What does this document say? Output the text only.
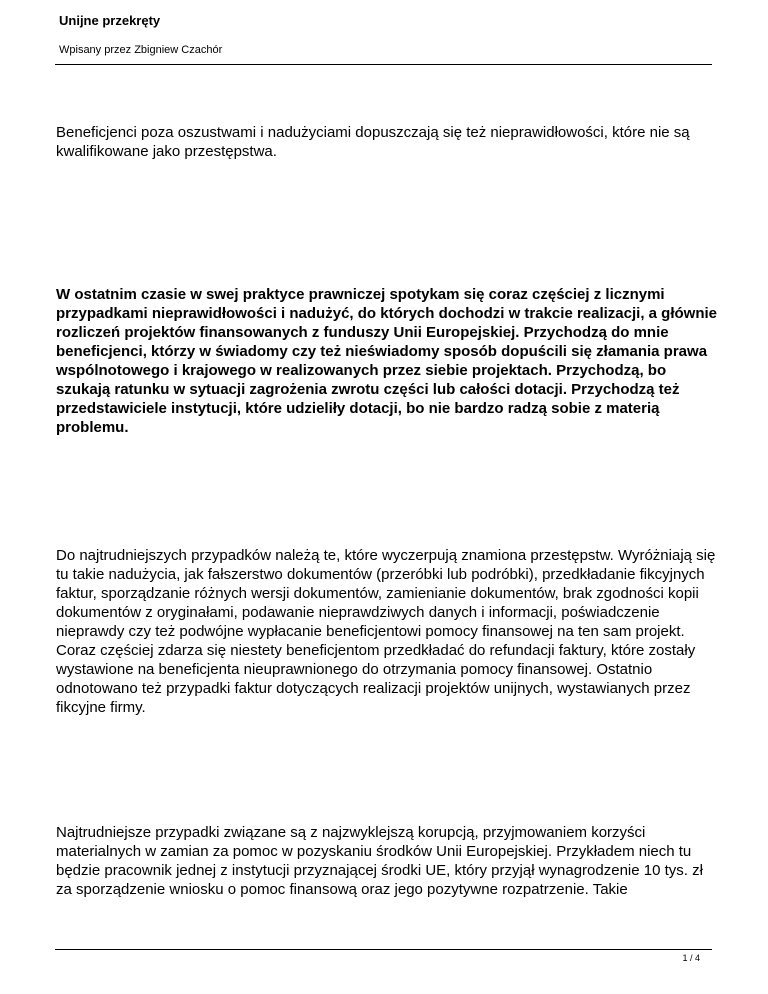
Unijne przekręty

Wpisany przez Zbigniew Czachór

Beneficjenci poza oszustwami i nadużyciami dopuszczają się też nieprawidłowości, które nie są kwalifikowane jako przestępstwa.

W ostatnim czasie w swej praktyce prawniczej spotykam się coraz częściej z licznymi przypadkami nieprawidłowości i nadużyć, do których dochodzi w trakcie realizacji, a głównie rozliczeń projektów finansowanych z funduszy Unii Europejskiej. Przychodzą do mnie beneficjenci, którzy w świadomy czy też nieświadomy sposób dopuścili się złamania prawa wspólnotowego i krajowego w realizowanych przez siebie projektach. Przychodzą, bo szukają ratunku w sytuacji zagrożenia zwrotu części lub całości dotacji. Przychodzą też przedstawiciele instytucji, które udzieliły dotacji, bo nie bardzo radzą sobie z materią problemu.

Do najtrudniejszych przypadków należą te, które wyczerpują znamiona przestępstw. Wyróżniają się tu takie nadużycia, jak fałszerstwo dokumentów (przeróbki lub podróbki), przedkładanie fikcyjnych faktur, sporządzanie różnych wersji dokumentów, zamienianie dokumentów, brak zgodności kopii dokumentów z oryginałami, podawanie nieprawdziwych danych i informacji, poświadczenie nieprawdy czy też podwójne wypłacanie beneficjentowi pomocy finansowej na ten sam projekt. Coraz częściej zdarza się niestety beneficjentom przedkładać do refundacji faktury, które zostały wystawione na beneficjenta nieuprawnionego do otrzymania pomocy finansowej. Ostatnio odnotowano też przypadki faktur dotyczących realizacji projektów unijnych, wystawianych przez fikcyjne firmy.

Najtrudniejsze przypadki związane są z najzwyklejszą korupcją, przyjmowaniem korzyści materialnych w zamian za pomoc w pozyskaniu środków Unii Europejskiej. Przykładem niech tu będzie pracownik jednej z instytucji przyznającej środki UE, który przyjął wynagrodzenie 10 tys. zł za sporządzenie wniosku o pomoc finansową oraz jego pozytywne rozpatrzenie. Takie

1 / 4
